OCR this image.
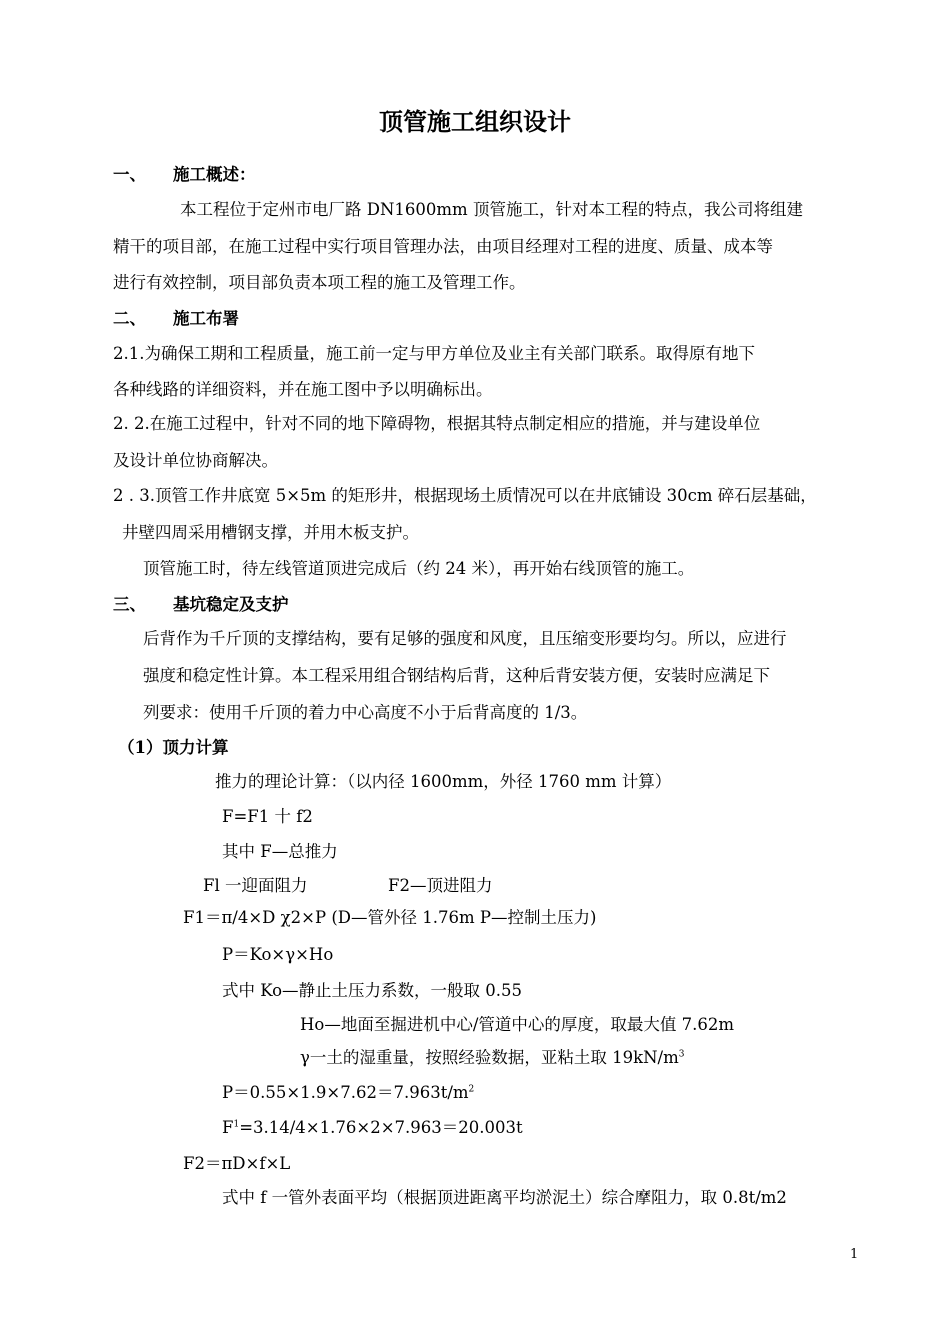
顶管施工组织设计
一、 施工概述：
本工程位于定州市电厂路 DN1600mm 顶管施工，针对本工程的特点，我公司将组建
精干的项目部，在施工过程中实行项目管理办法，由项目经理对工程的进度、质量、成本等
进行有效控制，项目部负责本项工程的施工及管理工作。
二、 施工布署
2.1.为确保工期和工程质量，施工前一定与甲方单位及业主有关部门联系。取得原有地下
各种线路的详细资料，并在施工图中予以明确标出。
2. 2.在施工过程中，针对不同的地下障碍物，根据其特点制定相应的措施，并与建设单位
及设计单位协商解决。
2 . 3.顶管工作井底宽 5×5m 的矩形井，根据现场土质情况可以在井底铺设 30cm 碎石层基础，
井壁四周采用槽钢支撑，并用木板支护。
顶管施工时，待左线管道顶进完成后（约 24 米），再开始右线顶管的施工。
三、 基坑稳定及支护
后背作为千斤顶的支撑结构，要有足够的强度和风度，且压缩变形要均匀。所以，应进行
强度和稳定性计算。本工程采用组合钢结构后背，这种后背安装方便，安装时应满足下
列要求：使用千斤顶的着力中心高度不小于后背高度的 1/3。
（1）顶力计算
推力的理论计算：（以内径 1600mm，外径 1760 mm 计算）
F=F1 十 f2
其中 F—总推力
Fl 一迎面阻力	F2—顶进阻力
F1＝π/4×D χ2×P (D—管外径 1.76m P—控制土压力)
P＝Ko×γ×Ho
式中 Ko—静止土压力系数，一般取 0.55
Ho—地面至掘进机中心/管道中心的厚度，取最大值 7.62m
γ一土的湿重量，按照经验数据，亚粘土取 $19kN/m^3$
$P=0.55\times 1.9\times 7.62=7.963t/m^2$
$F^1=3.14/4\times 1.76\times 2\times 7.963=20.003t$
F2＝πD×f×L
式中 f 一管外表面平均（根据顶进距离平均淤泥土）综合摩阻力，取 0.8t/m2
1
